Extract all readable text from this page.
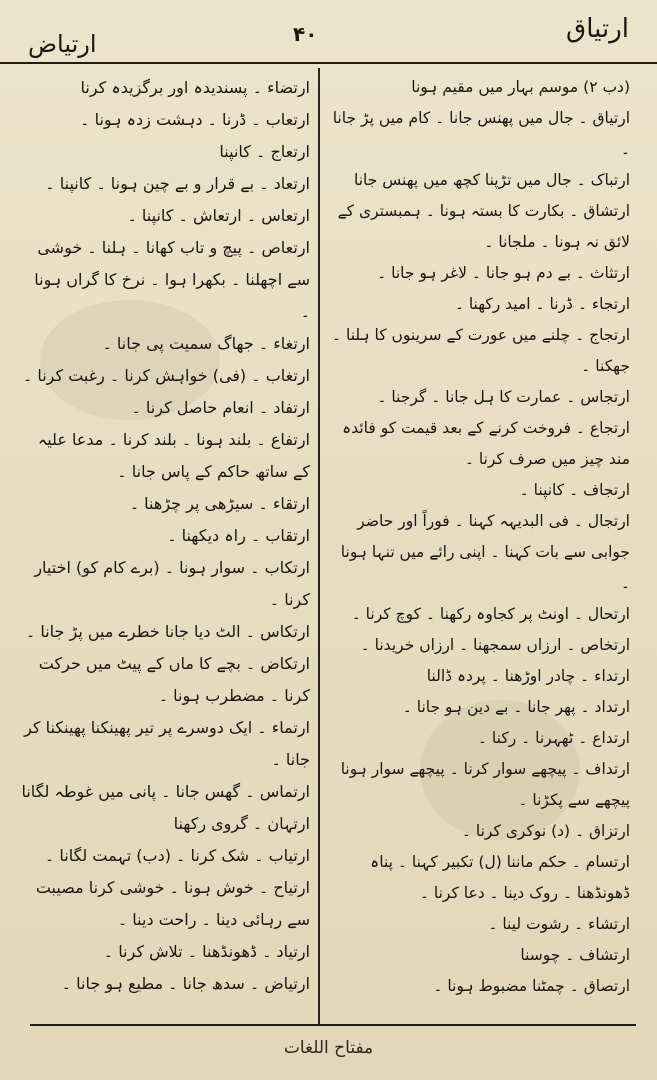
ارتیاق
۴۰
ارتیاض

(دب ۲) موسم بہار میں مقیم ہونا

ارتیاق ۔ جال میں پھنس جانا ۔ کام میں پڑ جانا ۔

ارتباک ۔ جال میں تڑپنا کچھ میں پھنس جانا

ارتشاق ۔ بکارت کا بستہ ہونا ۔ ہمبستری کے لائق نہ ہونا ۔ ملجانا ۔

ارتثاث ۔ بے دم ہو جانا ۔ لاغر ہو جانا ۔

ارتجاء ۔ ڈرنا ۔ امید رکھنا ۔

ارتجاج ۔ چلنے میں عورت کے سرینوں کا ہلنا ۔ جھکنا ۔

ارتجاس ۔ عمارت کا ہل جانا ۔ گرجنا ۔

ارتجاع ۔ فروخت کرنے کے بعد قیمت کو فائدہ مند چیز میں صرف کرنا ۔

ارتجاف ۔ کانپنا ۔

ارتجال ۔ فی البدیہہ کہنا ۔ فوراً اور حاضر جوابی سے بات کہنا ۔ اپنی رائے میں تنہا ہونا ۔

ارتحال ۔ اونٹ پر کجاوہ رکھنا ۔ کوچ کرنا ۔

ارتخاص ۔ ارزاں سمجھنا ۔ ارزاں خریدنا ۔

ارتداء ۔ چادر اوڑھنا ۔ پردہ ڈالنا

ارتداد ۔ پھر جانا ۔ بے دین ہو جانا ۔

ارتداع ۔ ٹھہرنا ۔ رکنا ۔

ارتداف ۔ پیچھے سوار کرنا ۔ پیچھے سوار ہونا پیچھے سے پکڑنا ۔

ارتزاق ۔ (د) نوکری کرنا ۔

ارتسام ۔ حکم ماننا (ل) تکبیر کہنا ۔ پناہ ڈھونڈھنا ۔ روک دینا ۔ دعا کرنا ۔

ارتشاء ۔ رشوت لینا ۔

ارتشاف ۔ چوسنا

ارتصاق ۔ چمٹنا مضبوط ہونا ۔

ارتضاء ۔ پسندیدہ اور برگزیدہ کرنا

ارتعاب ۔ ڈرنا ۔ دہشت زدہ ہونا ۔

ارتعاج ۔ کانپنا

ارتعاد ۔ بے قرار و بے چین ہونا ۔ کانپنا ۔

ارتعاس ۔ ارتعاش ۔ کانپنا ۔

ارتعاص ۔ پیچ و تاب کھانا ۔ ہلنا ۔ خوشی سے اچھلنا ۔ بکھرا ہوا ۔ نرخ کا گراں ہونا ۔

ارتغاء ۔ جھاگ سمیت پی جانا ۔

ارتغاب ۔ (فی) خواہش کرنا ۔ رغبت کرنا ۔

ارتفاد ۔ انعام حاصل کرنا ۔

ارتفاع ۔ بلند ہونا ۔ بلند کرنا ۔ مدعا علیہ کے ساتھ حاکم کے پاس جانا ۔

ارتقاء ۔ سیڑھی پر چڑھنا ۔

ارتقاب ۔ راہ دیکھنا ۔

ارتکاب ۔ سوار ہونا ۔ (برے کام کو) اختیار کرنا ۔

ارتکاس ۔ الٹ دیا جانا خطرے میں پڑ جانا ۔

ارتکاض ۔ بچے کا ماں کے پیٹ میں حرکت کرنا ۔ مضطرب ہونا ۔

ارتماء ۔ ایک دوسرے پر تیر پھینکنا پھینکنا کر جانا ۔

ارتماس ۔ گھس جانا ۔ پانی میں غوطہ لگانا

ارتہان ۔ گروی رکھنا

ارتیاب ۔ شک کرنا ۔ (دب) تہمت لگانا ۔

ارتیاح ۔ خوش ہونا ۔ خوشی کرنا مصیبت سے رہائی دینا ۔ راحت دینا ۔

ارتیاد ۔ ڈھونڈھنا ۔ تلاش کرنا ۔

ارتیاض ۔ سدھ جانا ۔ مطیع ہو جانا ۔

مفتاح اللغات
